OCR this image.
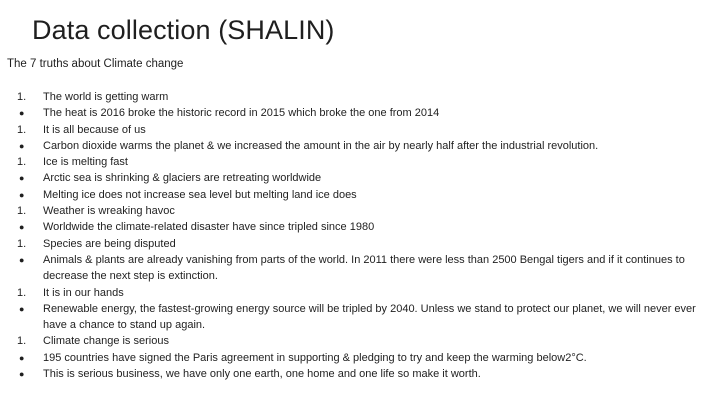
Data collection (SHALIN)

The 7 truths about Climate change

1.	The world is getting warm
●	The heat is 2016 broke the historic record in 2015 which broke the one from 2014
1.	It is all because of us
●	Carbon dioxide warms the planet & we increased the amount in the air by nearly half after the industrial revolution.
1.	Ice is melting fast
●	Arctic sea is shrinking & glaciers are retreating worldwide
●	Melting ice does not increase sea level but melting land ice does
1.	Weather is wreaking havoc
●	Worldwide the climate-related disaster have since tripled since 1980
1.	Species are being disputed
●	Animals & plants are already vanishing from parts of the world. In 2011 there were less than 2500 Bengal tigers and if it continues to decrease the next step is extinction.
1.	It is in our hands
●	Renewable energy, the fastest-growing energy source will be tripled by 2040. Unless we stand to protect our planet, we will never ever have a chance to stand up again.
1.	Climate change is serious
●	195 countries have signed the Paris agreement in supporting & pledging to try and keep the warming below2°C.
●	This is serious business, we have only one earth, one home and one life so make it worth.
